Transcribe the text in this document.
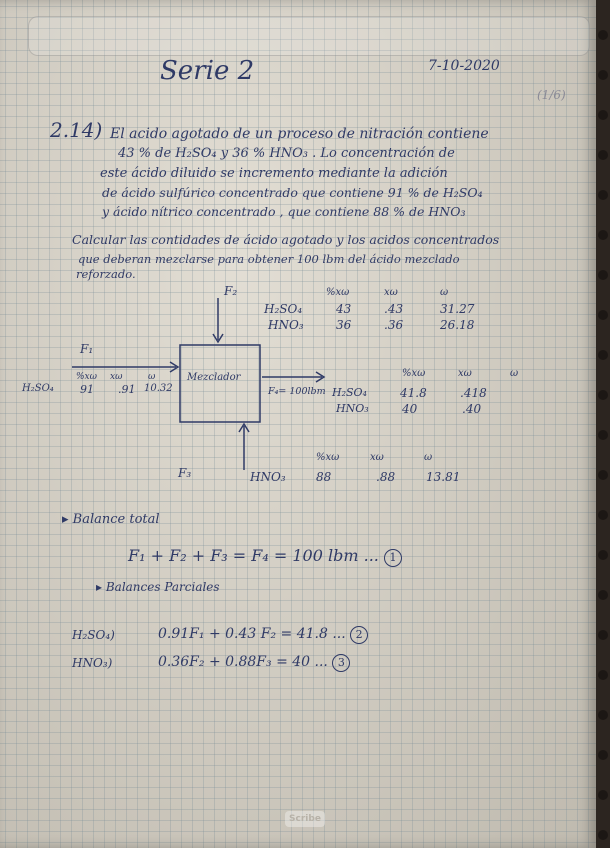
Serie 2	7-10-2020
(1/6)
2.14) El acido agotado de un proceso de nitración contiene
43 % de H₂SO₄ y 36 % HNO₃ . Lo concentración de
este ácido diluido se incremento mediante la adición
de ácido sulfúrico concentrado que contiene 91 % de H₂SO₄
y ácido nítrico concentrado , que contiene 88 % de HNO₃
Calcular las contidades de ácido agotado y los acidos concentrados
que deberan mezclarse para obtener 100 lbm del ácido mezclado
reforzado.
Mezclador
F₂	%xω	xω	ω
H₂SO₄	43	.43	31.27
HNO₃	36	.36	26.18
F₁
%xω xω	ω
H₂SO₄ 91 .91 10.32	F₄= 100lbm
%xω	xω	ω
H₂SO₄	41.8	.418
HNO₃	40	.40
F₃
%xω	xω	ω
HNO₃	88	.88	13.81
▸ Balance total
F₁ + F₂ + F₃ = F₄ = 100 lbm ... 1
▸ Balances Parciales
H₂SO₄)	0.91F₁ + 0.43 F₂ = 41.8 ... 2
HNO₃)	0.36F₂ + 0.88F₃ = 40 ... 3
Scribe
